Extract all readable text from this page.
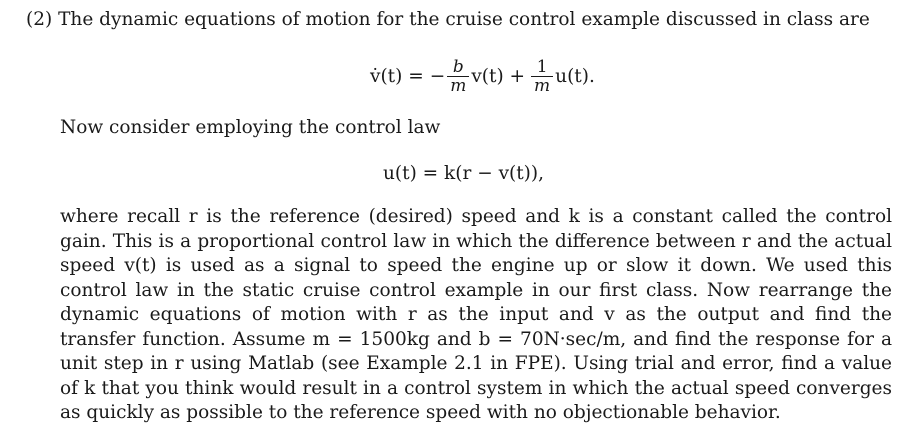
(2) The dynamic equations of motion for the cruise control example discussed in class are
v̇(t) = − $\frac{b}{m} v(t) + \frac{1}{m} u(t)$.
Now consider employing the control law
u(t) = k(r − v(t)),
where recall r is the reference (desired) speed and k is a constant called the control gain. This is a proportional control law in which the difference between r and the actual speed v(t) is used as a signal to speed the engine up or slow it down. We used this control law in the static cruise control example in our first class. Now rearrange the dynamic equations of motion with r as the input and v as the output and find the transfer function. Assume m = 1500kg and b = 70N·sec/m, and find the response for a unit step in r using Matlab (see Example 2.1 in FPE). Using trial and error, find a value of k that you think would result in a control system in which the actual speed converges as quickly as possible to the reference speed with no objectionable behavior.
